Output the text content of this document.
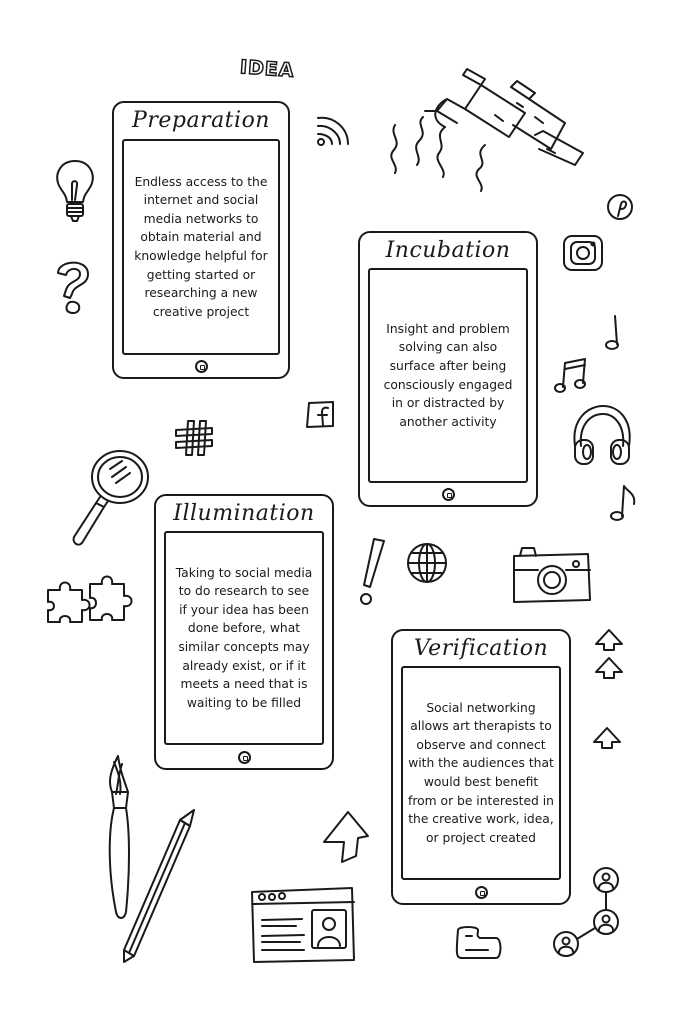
IDEA
Preparation

Endless access to the internet and social media networks to obtain material and knowledge helpful for getting started or researching a new creative project

Incubation

Insight and problem solving can also surface after being consciously engaged in or distracted by another activity

Illumination

Taking to social media to do research to see if your idea has been done before, what similar concepts may already exist, or if it meets a need that is waiting to be filled

Verification

Social networking allows art therapists to observe and connect with the audiences that would best benefit from or be interested in the creative work, idea, or project created
